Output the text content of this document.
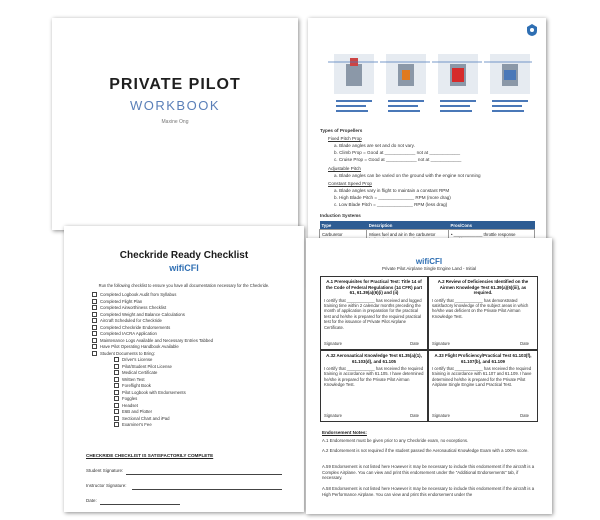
PRIVATE PILOT
WORKBOOK
Maxine Ong
Types of Propellers
Fixed Pitch Prop
a. Blade angles are set and do not vary.
b. Climb Prop = Good at ____________ not at ____________
c. Cruise Prop = Good at ____________ not at ____________
Adjustable Pitch
a. Blade angles can be varied on the ground with the engine not running
Constant Speed Prop
a. Blade angles vary in flight to maintain a constant RPM
b. High Blade Pitch = ______________ RPM (more drag)
c. Low Blade Pitch = ______________ RPM (less drag)
Induction Systems
Type	Description	Pros/Cons
Carburetor	Mixes fuel and air in the carburetor	• ____________ throttle response

Checkride Ready Checklist
wifiCFI
Run the following checklist to ensure you have all documentation necessary for the Checkride.
Completed Logbook Audit from Syllabus
Completed Flight Plan
Completed Airworthiness Checklist
Completed Weight and Balance Calculations
Aircraft Scheduled for Checkride
Completed Checkride Endorsements
Completed IACRA Application
Maintenance Logs Available and Necessary Entries Tabbed
Have Pilot Operating Handbook Available
Student Documents to Bring:
Driver's License
Pilot/Student Pilot License
Medical Certificate
Written Test
Foreflight Book
Pilot Logbook with Endorsements
Foggles
Headset
E6B and Plotter
Sectional Chart and iPad
Examiner's Fee
CHECKRIDE CHECKLIST IS SATISFACTORILY COMPLETE
Student Signature:
Instructor Signature:
Date:
wifiCFI
Private Pilot Airplane Single Engine Land - Initial
A.1 Prerequisites for Practical Test: Title 14 of the Code of Federal Regulations (14 CFR) part 61, 61.39(a)(6)(i) and (ii)
I certify that ____________ has received and logged training time within 2 calendar months preceding the month of application in preparation for the practical test and he/she is prepared for the required practical test for the issuance of Private Pilot Airplane Certificate.
Signature	Date
A.2 Review of Deficiencies Identified on the Airmen Knowledge Test 61.39(a)(6)(iii), as required.
I certify that ____________ has demonstrated satisfactory knowledge of the subject areas in which he/she was deficient on the Private Pilot Airman Knowledge Test.
Signature	Date
A.32 Aeronautical Knowledge Test 61.35(a)(1), 61.103(d), and 61.105
I certify that ____________ has received the required training in accordance with 61.105. I have determined he/she is prepared for the Private Pilot Airman Knowledge Test.
Signature	Date
A.33 Flight Proficiency/Practical Test 61.103(f), 61.107(b), and 61.109
I certify that ____________ has received the required training in accordance with 61.107 and 61.109. I have determined he/she is prepared for the Private Pilot Airplane Single Engine Land Practical Test.
Signature	Date
Endorsement Notes:
A.1 Endorsement must be given prior to any Checkride exam, no exceptions.
A.2 Endorsement is not required if the student passed the Aeronautical Knowledge Exam with a 100% score.
A.59 Endorsement is not listed here However it may be necessary to include this endorsement if the aircraft is a Complex Airplane. You can view and print this endorsement under the "Additional Endorsements" tab, if necessary.
A.58 Endorsement is not listed here However it may be necessary to include this endorsement if the aircraft is a High Performance Airplane. You can view and print this endorsement under the
